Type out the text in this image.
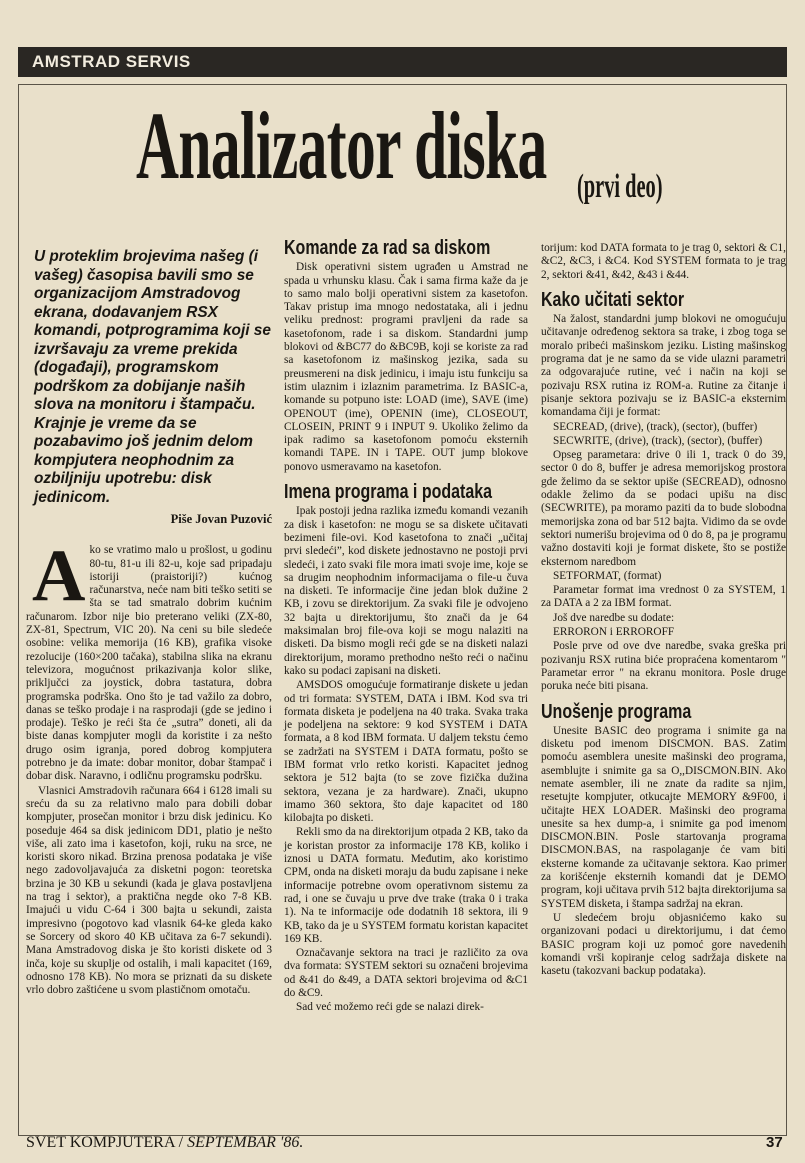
AMSTRAD SERVIS
Analizator diska (prvi deo)
U proteklim brojevima našeg (i vašeg) časopisa bavili smo se organizacijom Amstradovog ekrana, dodavanjem RSX komandi, potprogramima koji se izvršavaju za vreme prekida (događaji), programskom podrškom za dobijanje naših slova na monitoru i štampaču. Krajnje je vreme da se pozabavimo još jednim delom kompjutera neophodnim za ozbiljniju upotrebu: disk jedinicom.
Piše Jovan Puzović

Ako se vratimo malo u prošlost, u godinu 80-tu, 81-u ili 82-u, koje sad pripadaju istoriji (praistoriji?) kućnog računarstva, neće nam biti teško setiti se šta se tad smatralo dobrim kućnim računarom. Izbor nije bio preterano veliki (ZX-80, ZX-81, Spectrum, VIC 20). Na ceni su bile sledeće osobine: velika memorija (16 KB), grafika visoke rezolucije (160×200 tačaka), stabilna slika na ekranu televizora, mogućnost prikazivanja kolor slike, priključci za joystick, dobra tastatura, dobra programska podrška. Ono što je tad važilo za dobro, danas se teško prodaje i na rasprodaji (gde se jedino i prodaje). Teško je reći šta će „sutra” doneti, ali da biste danas kompjuter mogli da koristite i za nešto drugo osim igranja, pored dobrog kompjutera potrebno je da imate: dobar monitor, dobar štampač i dobar disk. Naravno, i odličnu programsku podršku.

Vlasnici Amstradovih računara 664 i 6128 imali su sreću da su za relativno malo para dobili dobar kompjuter, prosečan monitor i brzu disk jedinicu. Ko poseduje 464 sa disk jedinicom DD1, platio je nešto više, ali zato ima i kasetofon, koji, ruku na srce, ne koristi skoro nikad. Brzina prenosa podataka je više nego zadovoljavajuća za disketni pogon: teoretska brzina je 30 KB u sekundi (kada je glava postavljena na trag i sektor), a praktična negde oko 7-8 KB. Imajući u vidu C-64 i 300 bajta u sekundi, zaista impresivno (pogotovo kad vlasnik 64-ke gleda kako se Sorcery od skoro 40 KB učitava za 6-7 sekundi). Mana Amstradovog diska je što koristi diskete od 3 inča, koje su skuplje od ostalih, i mali kapacitet (169, odnosno 178 KB). No mora se priznati da su diskete vrlo dobro zaštićene u svom plastičnom omotaču.

Komande za rad sa diskom

Disk operativni sistem ugrađen u Amstrad ne spada u vrhunsku klasu. Čak i sama firma kaže da je to samo malo bolji operativni sistem za kasetofon. Takav pristup ima mnogo nedostataka, ali i jednu veliku prednost: programi pravljeni da rade sa kasetofonom, rade i sa diskom. Standardni jump blokovi od &BC77 do &BC9B, koji se koriste za rad sa kasetofonom iz mašinskog jezika, sada su preusmereni na disk jedinicu, i imaju istu funkciju sa istim ulaznim i izlaznim parametrima. Iz BASIC-a, komande su potpuno iste: LOAD (ime), SAVE (ime) OPENOUT (ime), OPENIN (ime), CLOSEOUT, CLOSEIN, PRINT 9 i INPUT 9. Ukoliko želimo da ipak radimo sa kasetofonom pomoću eksternih komandi TAPE. IN i TAPE. OUT jump blokove ponovo usmeravamo na kasetofon.

Imena programa i podataka

Ipak postoji jedna razlika između komandi vezanih za disk i kasetofon: ne mogu se sa diskete učitavati bezimeni file-ovi. Kod kasetofona to znači „učitaj prvi sledeći”, kod diskete jednostavno ne postoji prvi sledeći, i zato svaki file mora imati svoje ime, koje se sa drugim neophodnim informacijama o file-u čuva na disketi. Te informacije čine jedan blok dužine 2 KB, i zovu se direktorijum. Za svaki file je odvojeno 32 bajta u direktorijumu, što znači da je 64 maksimalan broj file-ova koji se mogu nalaziti na disketi. Da bismo mogli reći gde se na disketi nalazi direktorijum, moramo prethodno nešto reći o načinu kako su podaci zapisani na disketi.

AMSDOS omogućuje formatiranje diskete u jedan od tri formata: SYSTEM, DATA i IBM. Kod sva tri formata disketa je podeljena na 40 traka. Svaka traka je podeljena na sektore: 9 kod SYSTEM i DATA formata, a 8 kod IBM formata. U daljem tekstu ćemo se zadržati na SYSTEM i DATA formatu, pošto se IBM format vrlo retko koristi. Kapacitet jednog sektora je 512 bajta (to se zove fizička dužina sektora, vezana je za hardware). Znači, ukupno imamo 360 sektora, što daje kapacitet od 180 kilobajta po disketi.

Rekli smo da na direktorijum otpada 2 KB, tako da je koristan prostor za informacije 178 KB, koliko i iznosi u DATA formatu. Međutim, ako koristimo CPM, onda na disketi moraju da budu zapisane i neke informacije potrebne ovom operativnom sistemu za rad, i one se čuvaju u prve dve trake (traka 0 i traka 1). Na te informacije ode dodatnih 18 sektora, ili 9 KB, tako da je u SYSTEM formatu koristan kapacitet 169 KB.

Označavanje sektora na traci je različito za ova dva formata: SYSTEM sektori su označeni brojevima od &41 do &49, a DATA sektori brojevima od &C1 do &C9.

Sad već možemo reći gde se nalazi direk-

torijum: kod DATA formata to je trag 0, sektori & C1, &C2, &C3, i &C4. Kod SYSTEM formata to je trag 2, sektori &41, &42, &43 i &44.

Kako učitati sektor

Na žalost, standardni jump blokovi ne omogućuju učitavanje određenog sektora sa trake, i zbog toga se moralo pribeći mašinskom jeziku. Listing mašinskog programa dat je ne samo da se vide ulazni parametri za odgovarajuće rutine, već i način na koji se pozivaju RSX rutina iz ROM-a. Rutine za čitanje i pisanje sektora pozivaju se iz BASIC-a eksternim komandama čiji je format:

SECREAD, (drive), (track), (sector), (buffer)

SECWRITE, (drive), (track), (sector), (buffer)

Opseg parametara: drive 0 ili 1, track 0 do 39, sector 0 do 8, buffer je adresa memorijskog prostora gde želimo da se sektor upiše (SECREAD), odnosno odakle želimo da se podaci upišu na disc (SECWRITE), pa moramo paziti da to bude slobodna memorijska zona od bar 512 bajta. Vidimo da se ovde sektori numerišu brojevima od 0 do 8, pa je programu važno dostaviti koji je format diskete, što se postiže eksternom naredbom

SETFORMAT, (format)

Parametar format ima vrednost 0 za SYSTEM, 1 za DATA a 2 za IBM format.

Još dve naredbe su dodate:

ERRORON i ERROROFF

Posle prve od ove dve naredbe, svaka greška pri pozivanju RSX rutina biće propraćena komentarom " Parametar error " na ekranu monitora. Posle druge poruka neće biti pisana.

Unošenje programa

Unesite BASIC deo programa i snimite ga na disketu pod imenom DISCMON. BAS. Zatim pomoću asemblera unesite mašinski deo programa, asemblujte i snimite ga sa O,,DISCMON.BIN. Ako nemate asembler, ili ne znate da radite sa njim, resetujte kompjuter, otkucajte MEMORY &9F00, i učitajte HEX LOADER. Mašinski deo programa unesite sa hex dump-a, i snimite ga pod imenom DISCMON.BIN. Posle startovanja programa DISCMON.BAS, na raspolaganje će vam biti eksterne komande za učitavanje sektora. Kao primer za korišćenje eksternih komandi dat je DEMO program, koji učitava prvih 512 bajta direktorijuma sa SYSTEM disketa, i štampa sadržaj na ekran.

U sledećem broju objasnićemo kako su organizovani podaci u direktorijumu, i dat ćemo BASIC program koji uz pomoć gore navedenih komandi vrši kopiranje celog sadržaja diskete na kasetu (takozvani backup podataka).

SVET KOMPJUTERA / SEPTEMBAR '86.	37
